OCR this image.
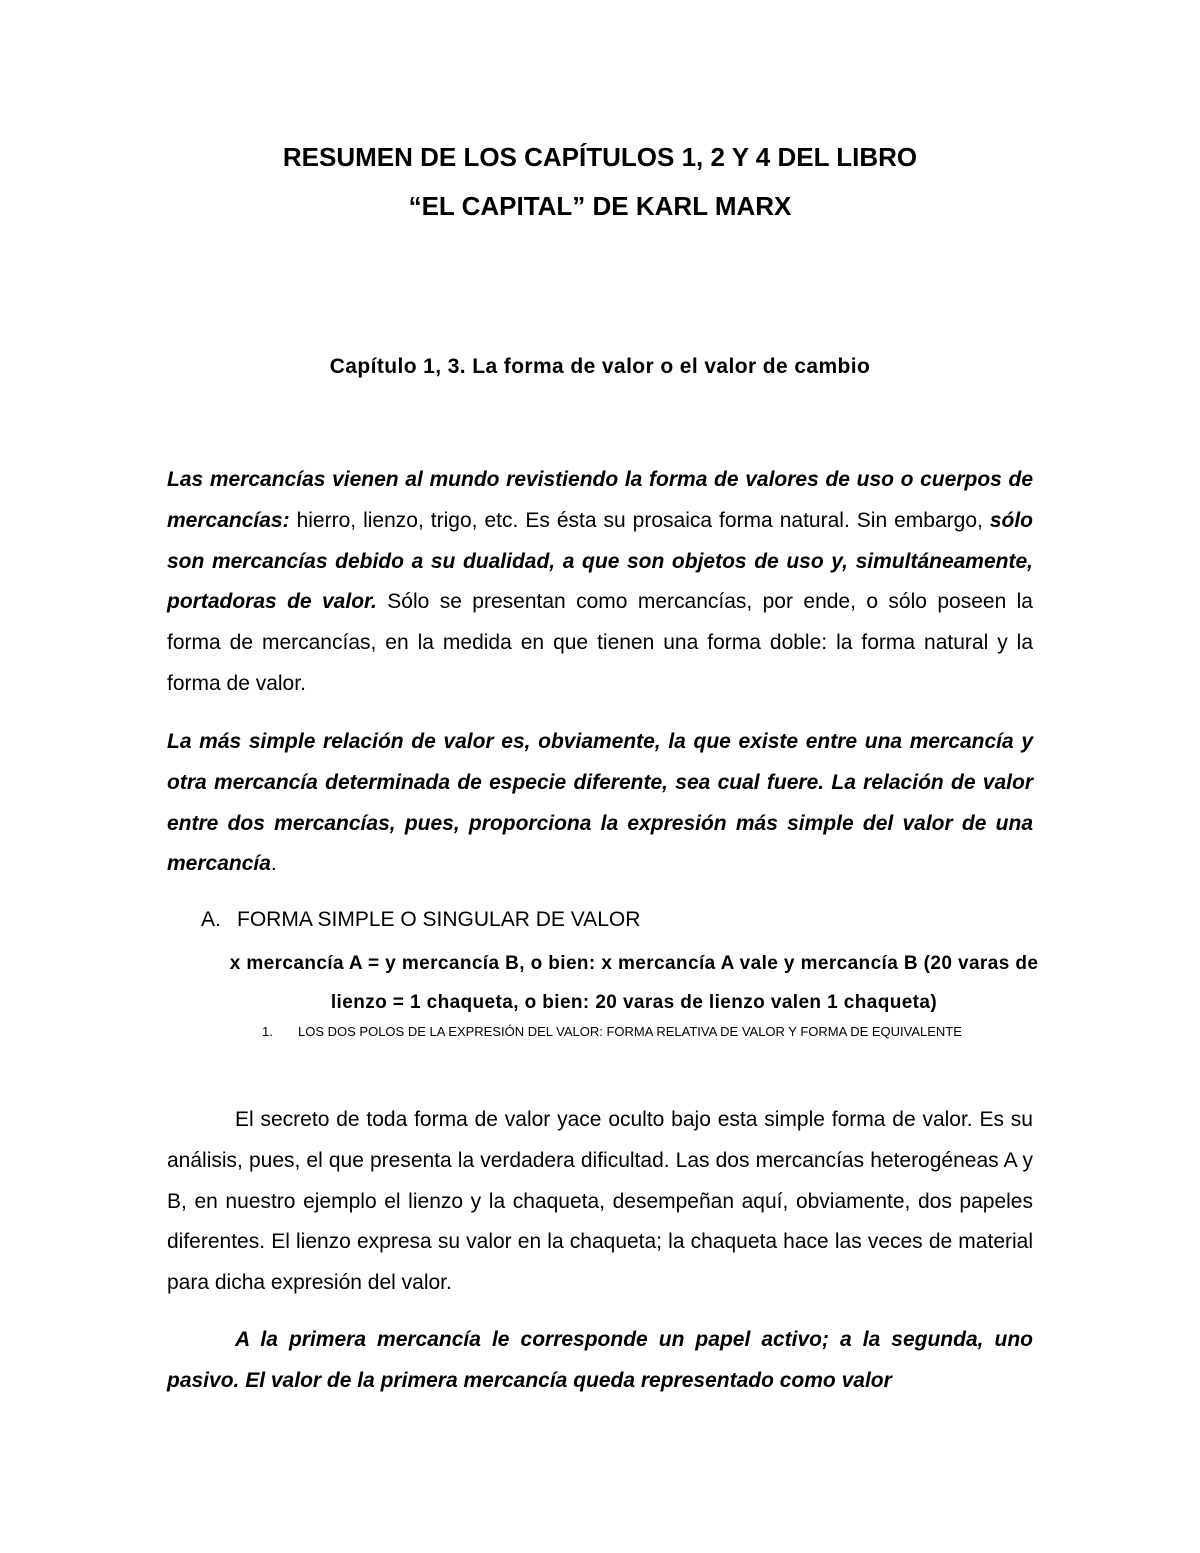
RESUMEN DE LOS CAPÍTULOS 1, 2 Y 4 DEL LIBRO
“EL CAPITAL” DE KARL MARX
Capítulo 1, 3. La forma de valor o el valor de cambio

Las mercancías vienen al mundo revistiendo la forma de valores de uso o cuerpos de mercancías: hierro, lienzo, trigo, etc. Es ésta su prosaica forma natural. Sin embargo, sólo son mercancías debido a su dualidad, a que son objetos de uso y, simultáneamente, portadoras de valor. Sólo se presentan como mercancías, por ende, o sólo poseen la forma de mercancías, en la medida en que tienen una forma doble: la forma natural y la forma de valor.

La más simple relación de valor es, obviamente, la que existe entre una mercancía y otra mercancía determinada de especie diferente, sea cual fuere. La relación de valor entre dos mercancías, pues, proporciona la expresión más simple del valor de una mercancía.

A. FORMA SIMPLE O SINGULAR DE VALOR
x mercancía A = y mercancía B, o bien: x mercancía A vale y mercancía B (20 varas de lienzo = 1 chaqueta, o bien: 20 varas de lienzo valen 1 chaqueta)
1. LOS DOS POLOS DE LA EXPRESIÓN DEL VALOR: FORMA RELATIVA DE VALOR Y FORMA DE EQUIVALENTE

El secreto de toda forma de valor yace oculto bajo esta simple forma de valor. Es su análisis, pues, el que presenta la verdadera dificultad. Las dos mercancías heterogéneas A y B, en nuestro ejemplo el lienzo y la chaqueta, desempeñan aquí, obviamente, dos papeles diferentes. El lienzo expresa su valor en la chaqueta; la chaqueta hace las veces de material para dicha expresión del valor.

A la primera mercancía le corresponde un papel activo; a la segunda, uno pasivo. El valor de la primera mercancía queda representado como valor
